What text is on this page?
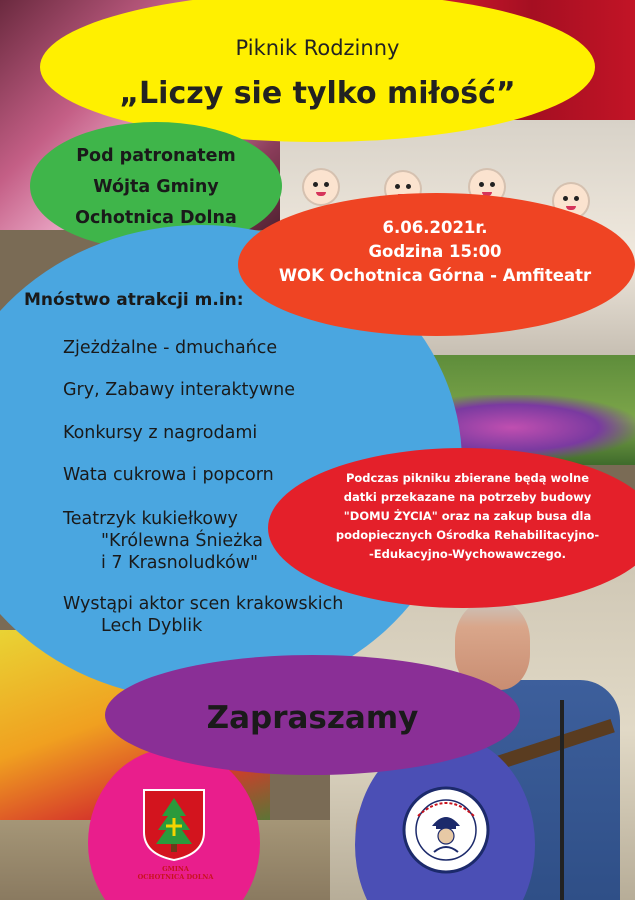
Piknik Rodzinny
„Liczy sie tylko miłość”
Pod patronatem
Wójta Gminy
Ochotnica Dolna	6.06.2021r.
Godzina 15:00
WOK Ochotnica Górna - Amfiteatr
Mnóstwo atrakcji m.in:
Zjeżdżalne - dmuchańce
Gry, Zabawy interaktywne
Konkursy z nagrodami
Wata cukrowa i popcorn
Teatrzyk kukiełkowy
"Królewna Śnieżka
i 7 Krasnoludków"
Wystąpi aktor scen krakowskich
Lech Dyblik
Podczas pikniku zbierane będą wolne
datki przekazane na potrzeby budowy
"DOMU ŻYCIA" oraz na zakup busa dla
podopiecznych Ośrodka Rehabilitacyjno-
-Edukacyjno-Wychowawczego.
Zapraszamy
GMINA
OCHOTNICA DOLNA
